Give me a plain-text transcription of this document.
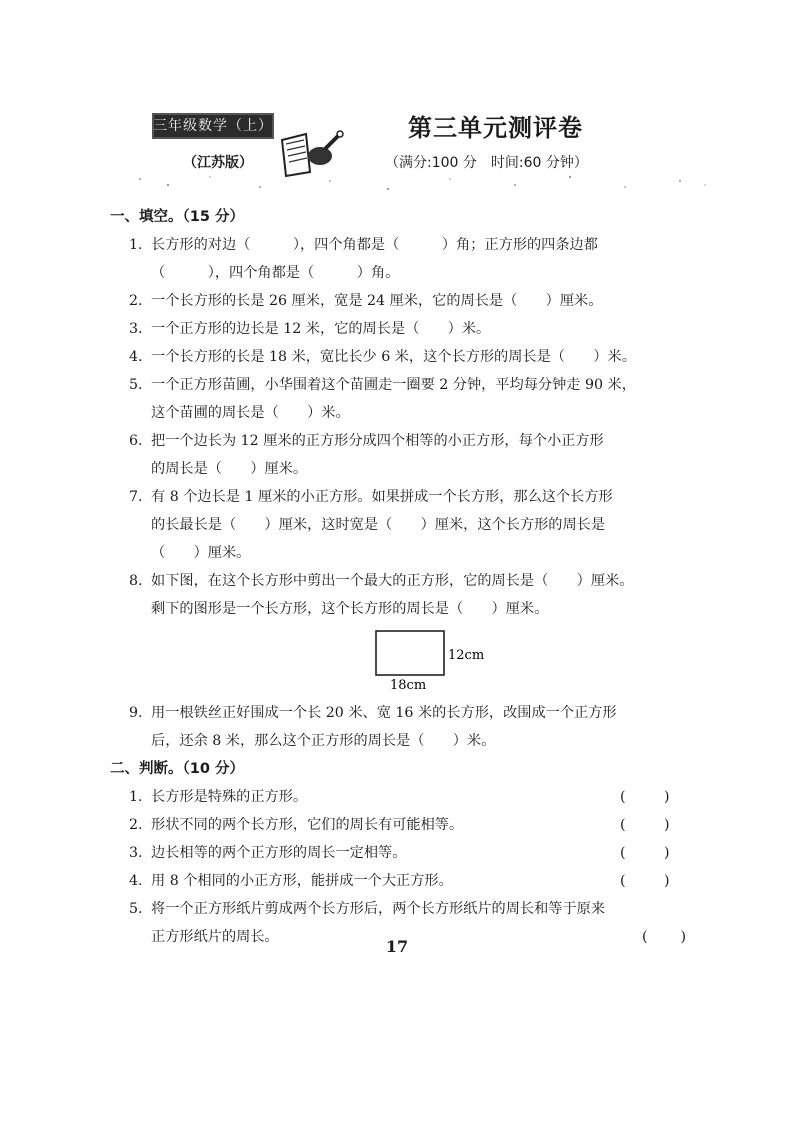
三年级数学（上）
（江苏版）
第三单元测评卷
（满分:100 分　时间:60 分钟）
一、填空。（15 分）
1. 长方形的对边（　　　），四个角都是（　　　）角；正方形的四条边都
（　　　），四个角都是（　　　）角。
2. 一个长方形的长是 26 厘米，宽是 24 厘米，它的周长是（　　）厘米。
3. 一个正方形的边长是 12 米，它的周长是（　　）米。
4. 一个长方形的长是 18 米，宽比长少 6 米，这个长方形的周长是（　　）米。
5. 一个正方形苗圃，小华围着这个苗圃走一圈要 2 分钟，平均每分钟走 90 米，
这个苗圃的周长是（　　）米。
6. 把一个边长为 12 厘米的正方形分成四个相等的小正方形，每个小正方形
的周长是（　　）厘米。
7. 有 8 个边长是 1 厘米的小正方形。如果拼成一个长方形，那么这个长方形
的长最长是（　　）厘米，这时宽是（　　）厘米，这个长方形的周长是
（　　）厘米。
8. 如下图，在这个长方形中剪出一个最大的正方形，它的周长是（　　）厘米。
剩下的图形是一个长方形，这个长方形的周长是（　　）厘米。
12cm
18cm
9. 用一根铁丝正好围成一个长 20 米、宽 16 米的长方形，改围成一个正方形
后，还余 8 米，那么这个正方形的周长是（　　）米。
二、判断。（10 分）
1. 长方形是特殊的正方形。	(	)
2. 形状不同的两个长方形，它们的周长有可能相等。	(	)
3. 边长相等的两个正方形的周长一定相等。	(	)
4. 用 8 个相同的小正方形，能拼成一个大正方形。	(	)
5. 将一个正方形纸片剪成两个长方形后，两个长方形纸片的周长和等于原来
正方形纸片的周长。	( )
17
